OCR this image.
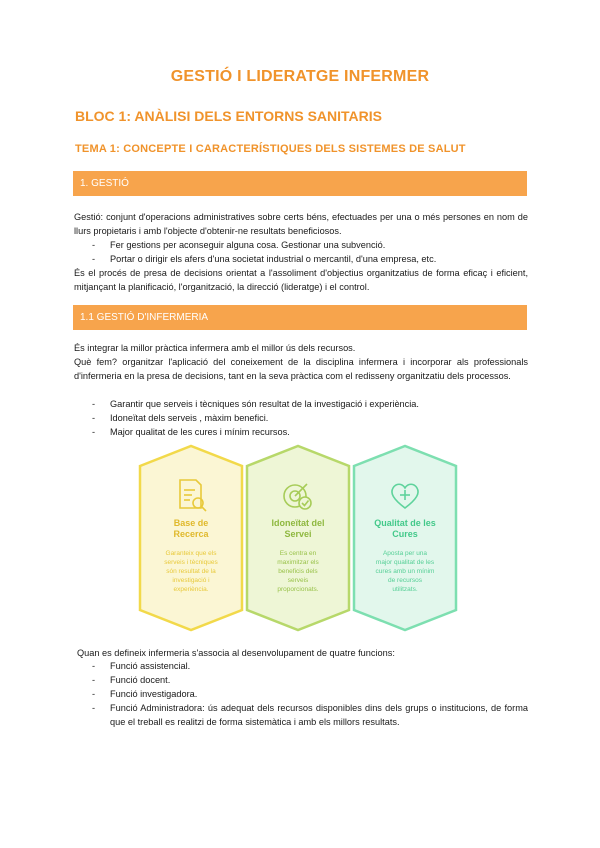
GESTIÓ I LIDERATGE INFERMER
BLOC 1: ANÀLISI DELS ENTORNS SANITARIS
TEMA 1: CONCEPTE I CARACTERÍSTIQUES DELS SISTEMES DE SALUT
1. GESTIÓ
Gestió: conjunt d'operacions administratives sobre certs béns, efectuades per una o més persones en nom de llurs propietaris i amb l'objecte d'obtenir-ne resultats beneficiosos.
- Fer gestions per aconseguir alguna cosa. Gestionar una subvenció.
- Portar o dirigir els afers d'una societat industrial o mercantil, d'una empresa, etc.
És el procés de presa de decisions orientat a l'assoliment d'objectius organitzatius de forma eficaç i eficient, mitjançant la planificació, l'organització, la direcció (lideratge) i el control.
1.1 GESTIÓ D'INFERMERIA
És integrar la millor pràctica infermera amb el millor ús dels recursos.
Què fem? organitzar l'aplicació del coneixement de la disciplina infermera i incorporar als professionals d'infermeria en la presa de decisions, tant en la seva pràctica com el redisseny organitzatiu dels processos.
- Garantir que serveis i tècniques són resultat de la investigació i experiència.
- Idoneïtat dels serveis , màxim benefici.
- Major qualitat de les cures i mínim recursos.
Base de
Recerca
Garanteix que els
serveis i tècniques
són resultat de la
investigació i
experiència.
Idoneïtat del
Servei
Es centra en
maximitzar els
beneficis dels
serveis
proporcionats.
Qualitat de les
Cures
Aposta per una
major qualitat de les
cures amb un mínim
de recursos
utilitzats.
Quan es defineix infermeria s'associa al desenvolupament de quatre funcions:
- Funció assistencial.
- Funció docent.
- Funció investigadora.
- Funció Administradora: ús adequat dels recursos disponibles dins dels grups o institucions, de forma que el treball es realitzi de forma sistemàtica i amb els millors resultats.
